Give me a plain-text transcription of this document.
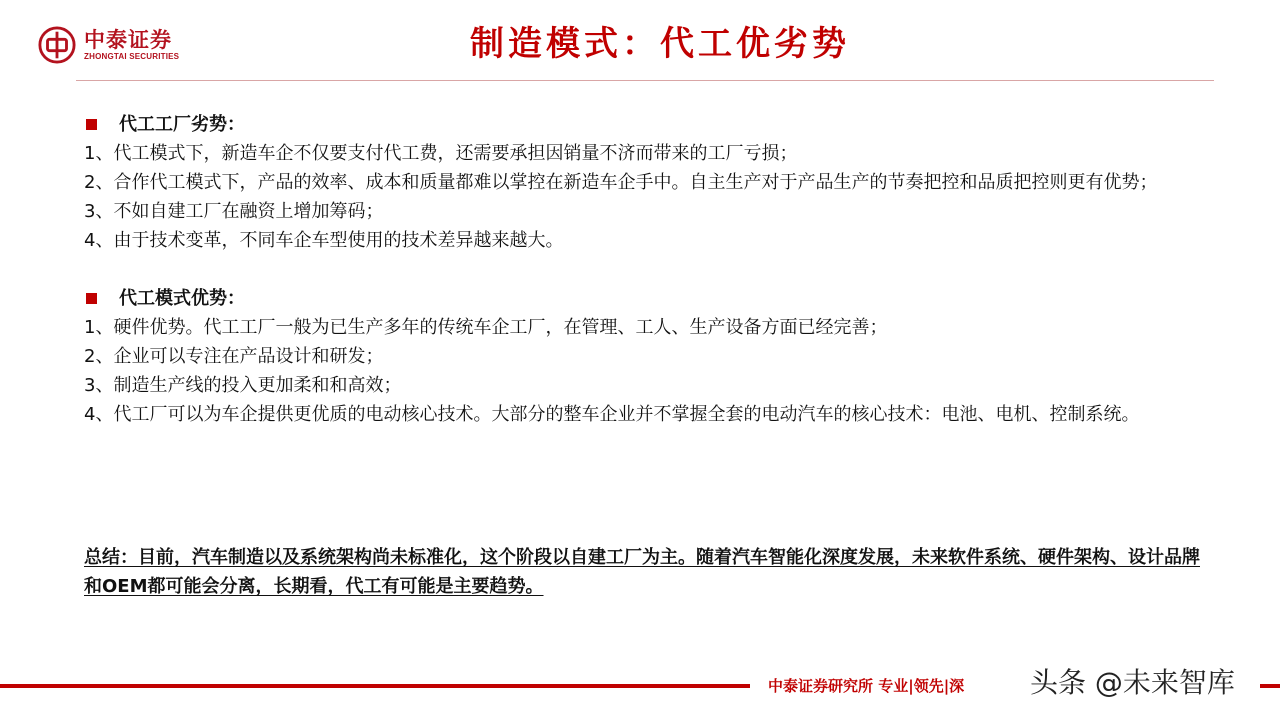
中泰证券
ZHONGTAI SECURITIES	制造模式：代工优劣势
代工工厂劣势：
1、代工模式下，新造车企不仅要支付代工费，还需要承担因销量不济而带来的工厂亏损；
2、合作代工模式下，产品的效率、成本和质量都难以掌控在新造车企手中。自主生产对于产品生产的节奏把控和品质把控则更有优势；
3、不如自建工厂在融资上增加筹码；
4、由于技术变革，不同车企车型使用的技术差异越来越大。
代工模式优势：
1、硬件优势。代工工厂一般为已生产多年的传统车企工厂，在管理、工人、生产设备方面已经完善；
2、企业可以专注在产品设计和研发；
3、制造生产线的投入更加柔和和高效；
4、代工厂可以为车企提供更优质的电动核心技术。大部分的整车企业并不掌握全套的电动汽车的核心技术：电池、电机、控制系统。
总结：目前，汽车制造以及系统架构尚未标准化，这个阶段以自建工厂为主。随着汽车智能化深度发展，未来软件系统、硬件架构、设计品牌和OEM都可能会分离，长期看，代工有可能是主要趋势。
中泰证券研究所 专业|领先|深 头条 @未来智库
